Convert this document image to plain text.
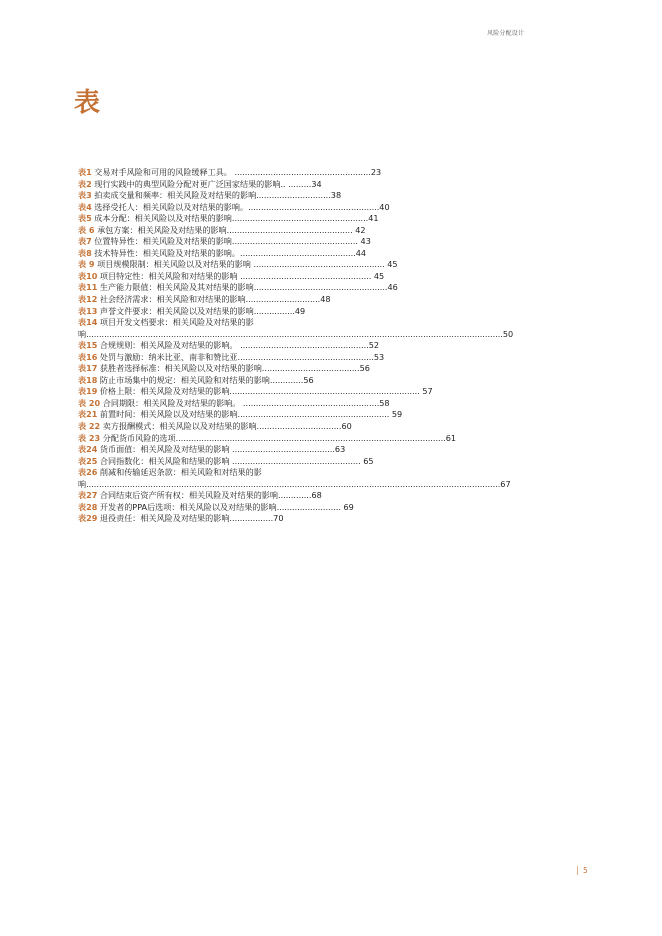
风险分配设计
表
表1 交易对手风险和可用的风险缓释工具。 .....................................................23
表2 现行实践中的典型风险分配对更广泛国家结果的影响.. .........34
表3 拍卖成交量和频率：相关风险及对结果的影响.............................38
表4 选择受托人：相关风险以及对结果的影响。...................................................40
表5 成本分配：相关风险以及对结果的影响.....................................................41
表 6 承包方案：相关风险及对结果的影响................................................. 42
表7 位置特异性：相关风险及对结果的影响................................................. 43
表8 技术特异性：相关风险及对结果的影响。.............................................44
表 9 项目规模限制：相关风险以及对结果的影响 ................................................... 45
表10 项目特定性：相关风险和对结果的影响 ................................................... 45
表11 生产能力限值：相关风险及其对结果的影响....................................................46
表12 社会经济需求：相关风险和对结果的影响.............................48
表13 声誉文件要求：相关风险以及对结果的影响................49
表14 项目开发文档要求：相关风险及对结果的影响..................................................................................................................................................................50
表15 合规规则：相关风险及对结果的影响。 ..................................................52
表16 处罚与激励：纳米比亚、南非和赞比亚.....................................................53
表17 获胜者选择标准：相关风险以及对结果的影响......................................56
表18 防止市场集中的规定：相关风险和对结果的影响.............56
表19 价格上限：相关风险及对结果的影响.......................................................................... 57
表 20 合同期限：相关风险及对结果的影响。 .....................................................58
表21 前置时间：相关风险以及对结果的影响........................................................... 59
表 22 卖方报酬模式：相关风险以及对结果的影响.................................60
表 23 分配货币风险的选项.........................................................................................................61
表24 货币面值：相关风险及对结果的影响 ........................................63
表25 合同指数化：相关风险和结果的影响 .................................................. 65
表26 削减和传输延迟条款：相关风险和对结果的影响.................................................................................................................................................................67
表27 合同结束后资产所有权：相关风险及对结果的影响.............68
表28 开发者的PPA后选项：相关风险以及对结果的影响......................... 69
表29 退役责任：相关风险及对结果的影响.................70
5
